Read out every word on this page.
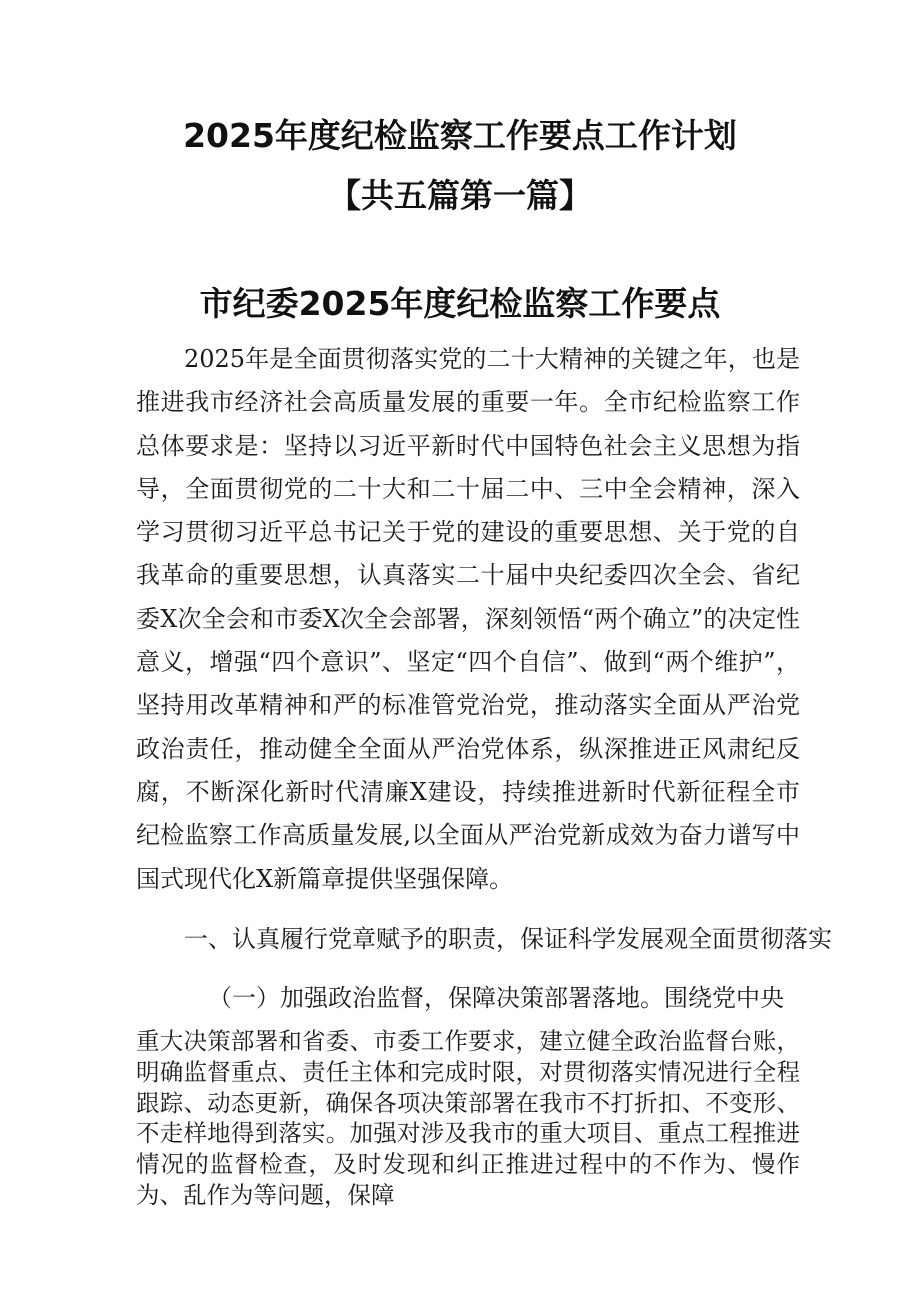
2025年度纪检监察工作要点工作计划
【共五篇第一篇】
市纪委2025年度纪检监察工作要点
2025年是全面贯彻落实党的二十大精神的关键之年，也是推进我市经济社会高质量发展的重要一年。全市纪检监察工作总体要求是：坚持以习近平新时代中国特色社会主义思想为指导，全面贯彻党的二十大和二十届二中、三中全会精神，深入学习贯彻习近平总书记关于党的建设的重要思想、关于党的自我革命的重要思想，认真落实二十届中央纪委四次全会、省纪委X次全会和市委X次全会部署，深刻领悟“两个确立”的决定性意义，增强“四个意识”、坚定“四个自信”、做到“两个维护”，坚持用改革精神和严的标准管党治党，推动落实全面从严治党政治责任，推动健全全面从严治党体系，纵深推进正风肃纪反腐，不断深化新时代清廉X建设，持续推进新时代新征程全市纪检监察工作高质量发展,以全面从严治党新成效为奋力谱写中国式现代化X新篇章提供坚强保障。
一、认真履行党章赋予的职责，保证科学发展观全面贯彻落实
（一）加强政治监督，保障决策部署落地。围绕党中央
重大决策部署和省委、市委工作要求，建立健全政治监督台账，明确监督重点、责任主体和完成时限，对贯彻落实情况进行全程跟踪、动态更新，确保各项决策部署在我市不打折扣、不变形、不走样地得到落实。加强对涉及我市的重大项目、重点工程推进情况的监督检查，及时发现和纠正推进过程中的不作为、慢作为、乱作为等问题，保障
